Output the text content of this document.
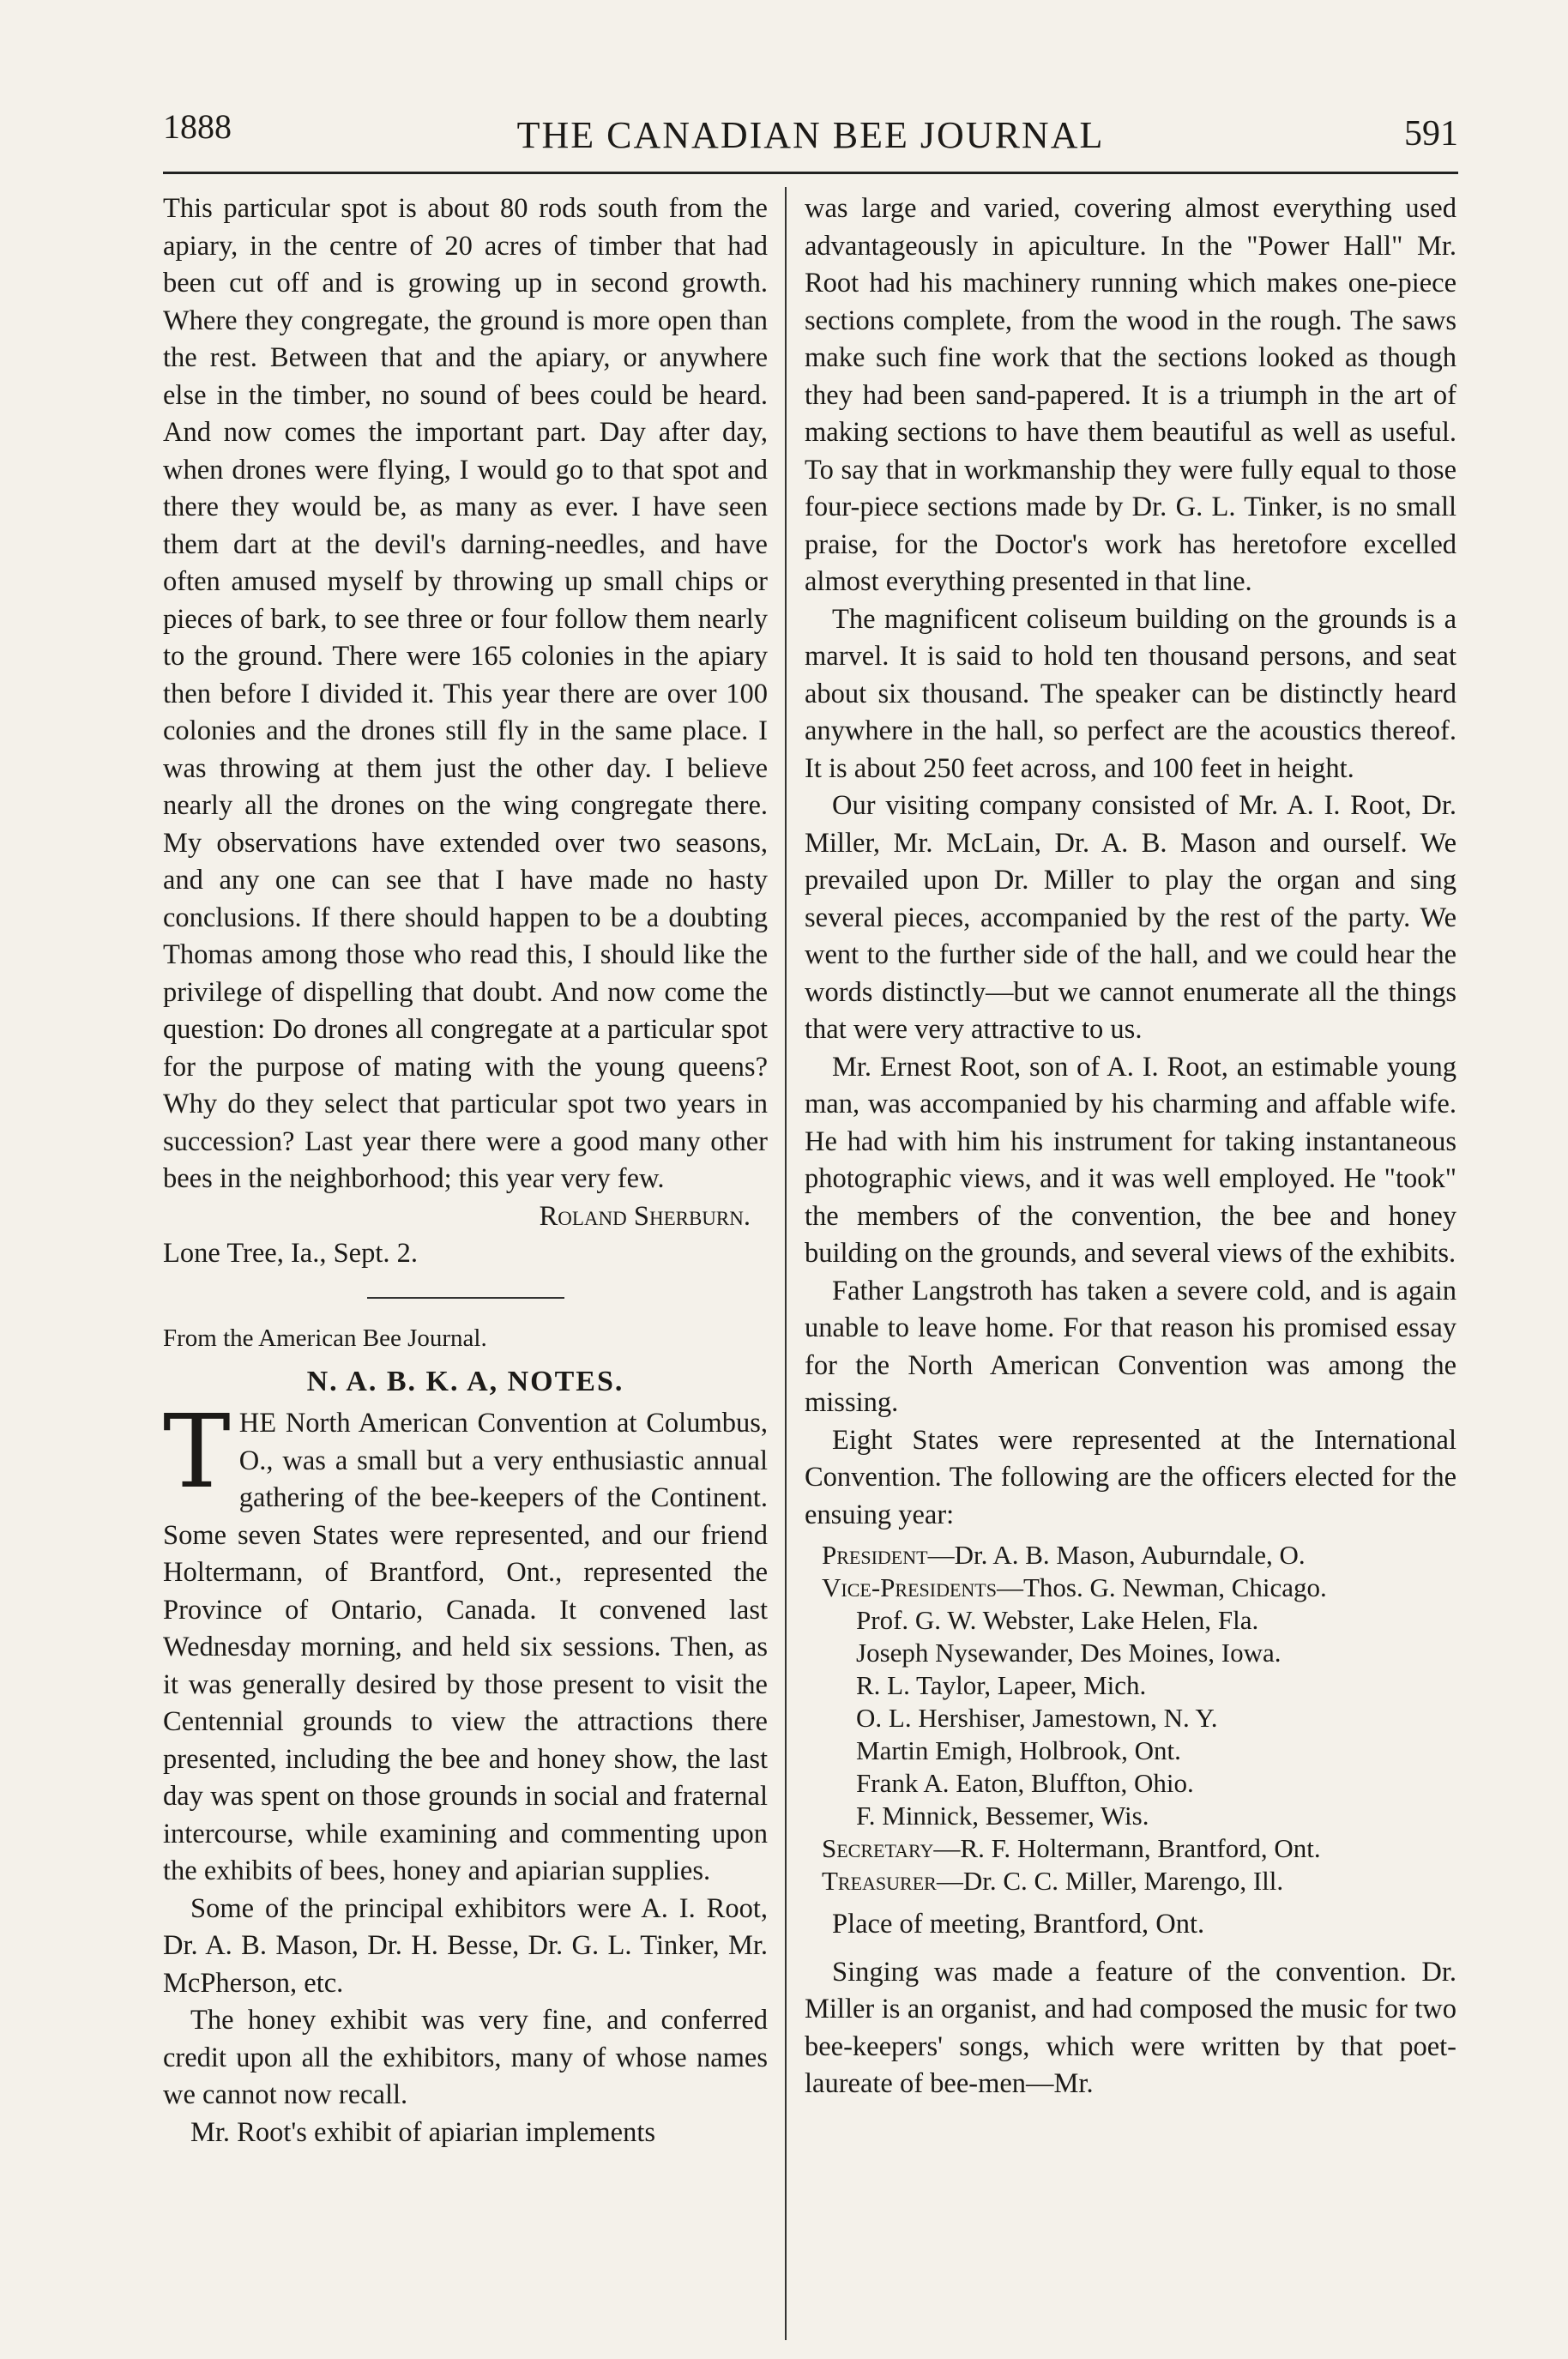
1888	THE CANADIAN BEE JOURNAL	591

This particular spot is about 80 rods south from the apiary, in the centre of 20 acres of timber that had been cut off and is growing up in second growth. Where they congregate, the ground is more open than the rest. Between that and the apiary, or anywhere else in the timber, no sound of bees could be heard. And now comes the important part. Day after day, when drones were flying, I would go to that spot and there they would be, as many as ever. I have seen them dart at the devil's darning-needles, and have often amused myself by throwing up small chips or pieces of bark, to see three or four follow them nearly to the ground. There were 165 colonies in the apiary then before I divided it. This year there are over 100 colonies and the drones still fly in the same place. I was throwing at them just the other day. I believe nearly all the drones on the wing congregate there. My observations have extended over two seasons, and any one can see that I have made no hasty conclusions. If there should happen to be a doubting Thomas among those who read this, I should like the privilege of dispelling that doubt. And now come the question: Do drones all congregate at a particular spot for the purpose of mating with the young queens? Why do they select that particular spot two years in succession? Last year there were a good many other bees in the neighborhood; this year very few.

Roland Sherburn.

Lone Tree, Ia., Sept. 2.

From the American Bee Journal.

N. A. B. K. A, NOTES.

THE North American Convention at Columbus, O., was a small but a very enthusiastic annual gathering of the bee-keepers of the Continent. Some seven States were represented, and our friend Holtermann, of Brantford, Ont., represented the Province of Ontario, Canada. It convened last Wednesday morning, and held six sessions. Then, as it was generally desired by those present to visit the Centennial grounds to view the attractions there presented, including the bee and honey show, the last day was spent on those grounds in social and fraternal intercourse, while examining and commenting upon the exhibits of bees, honey and apiarian supplies.

Some of the principal exhibitors were A. I. Root, Dr. A. B. Mason, Dr. H. Besse, Dr. G. L. Tinker, Mr. McPherson, etc.

The honey exhibit was very fine, and conferred credit upon all the exhibitors, many of whose names we cannot now recall.

Mr. Root's exhibit of apiarian implements

was large and varied, covering almost everything used advantageously in apiculture. In the "Power Hall" Mr. Root had his machinery running which makes one-piece sections complete, from the wood in the rough. The saws make such fine work that the sections looked as though they had been sand-papered. It is a triumph in the art of making sections to have them beautiful as well as useful. To say that in workmanship they were fully equal to those four-piece sections made by Dr. G. L. Tinker, is no small praise, for the Doctor's work has heretofore excelled almost everything presented in that line.

The magnificent coliseum building on the grounds is a marvel. It is said to hold ten thousand persons, and seat about six thousand. The speaker can be distinctly heard anywhere in the hall, so perfect are the acoustics thereof. It is about 250 feet across, and 100 feet in height.

Our visiting company consisted of Mr. A. I. Root, Dr. Miller, Mr. McLain, Dr. A. B. Mason and ourself. We prevailed upon Dr. Miller to play the organ and sing several pieces, accompanied by the rest of the party. We went to the further side of the hall, and we could hear the words distinctly—but we cannot enumerate all the things that were very attractive to us.

Mr. Ernest Root, son of A. I. Root, an estimable young man, was accompanied by his charming and affable wife. He had with him his instrument for taking instantaneous photographic views, and it was well employed. He "took" the members of the convention, the bee and honey building on the grounds, and several views of the exhibits.

Father Langstroth has taken a severe cold, and is again unable to leave home. For that reason his promised essay for the North American Convention was among the missing.

Eight States were represented at the International Convention. The following are the officers elected for the ensuing year:

President—Dr. A. B. Mason, Auburndale, O.

Vice-Presidents—Thos. G. Newman, Chicago.

Prof. G. W. Webster, Lake Helen, Fla.

Joseph Nysewander, Des Moines, Iowa.

R. L. Taylor, Lapeer, Mich.

O. L. Hershiser, Jamestown, N. Y.

Martin Emigh, Holbrook, Ont.

Frank A. Eaton, Bluffton, Ohio.

F. Minnick, Bessemer, Wis.

Secretary—R. F. Holtermann, Brantford, Ont.

Treasurer—Dr. C. C. Miller, Marengo, Ill.

Place of meeting, Brantford, Ont.

Singing was made a feature of the convention. Dr. Miller is an organist, and had composed the music for two bee-keepers' songs, which were written by that poet-laureate of bee-men—Mr.
